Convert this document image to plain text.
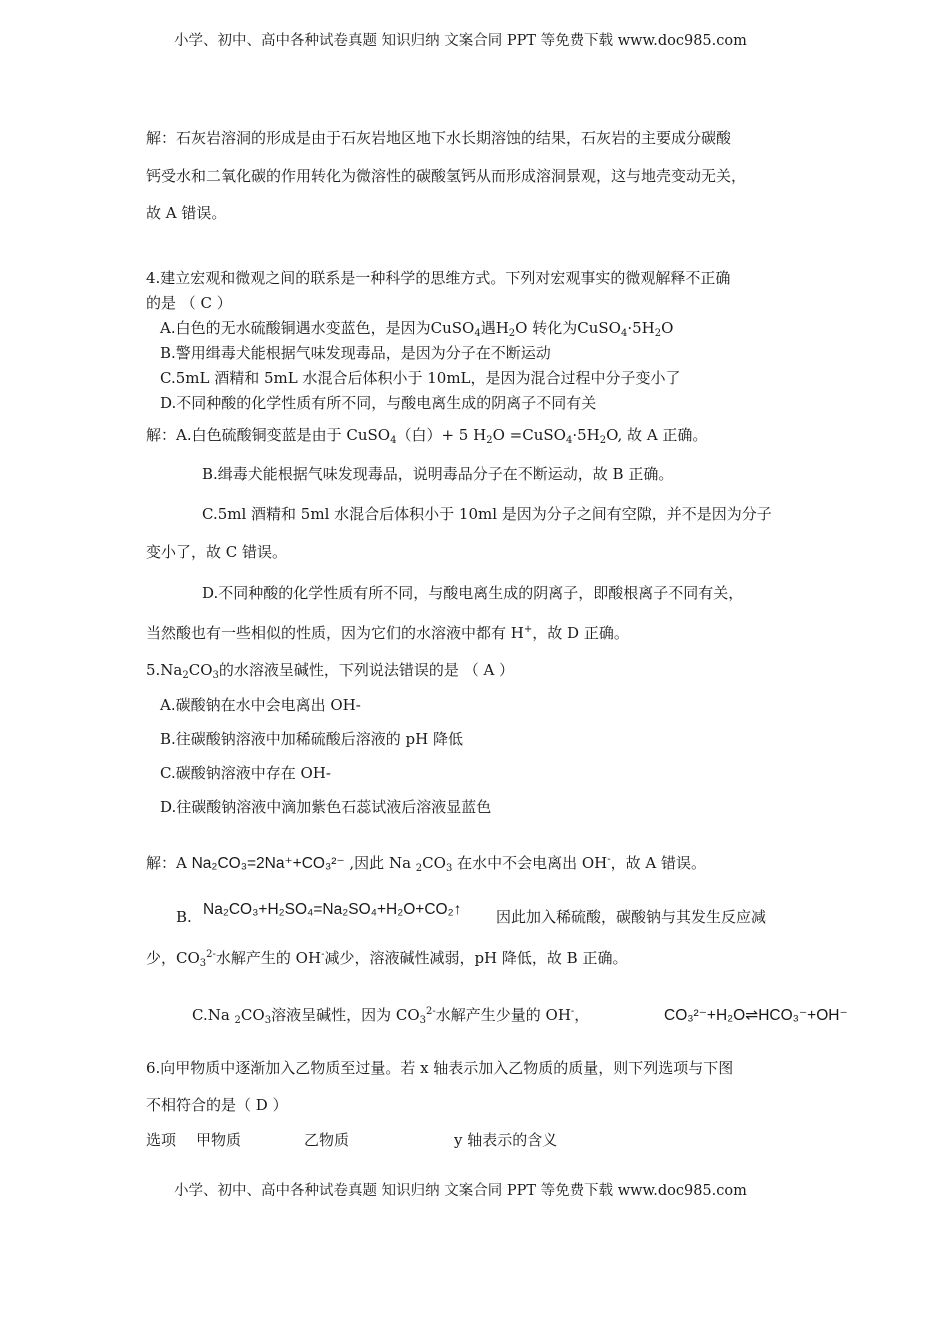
小学、初中、高中各种试卷真题 知识归纳 文案合同 PPT 等免费下载 www.doc985.com
解：石灰岩溶洞的形成是由于石灰岩地区地下水长期溶蚀的结果，石灰岩的主要成分碳酸
钙受水和二氧化碳的作用转化为微溶性的碳酸氢钙从而形成溶洞景观，这与地壳变动无关，
故 A 错误。
4.建立宏观和微观之间的联系是一种科学的思维方式。下列对宏观事实的微观解释不正确
的是 （ C ）
A.白色的无水硫酸铜遇水变蓝色，是因为CuSO$_4$遇$H_2O$ 转化为$CuSO_4\cdot 5H_2O$
B.警用缉毒犬能根据气味发现毒品，是因为分子在不断运动
C.5mL 酒精和 5mL 水混合后体积小于 10mL，是因为混合过程中分子变小了
D.不同种酸的化学性质有所不同，与酸电离生成的阴离子不同有关
解：A.白色硫酸铜变蓝是由于 CuSO$_4$（白）+ 5 $H_2O$ $=CuSO_4\cdot 5H_2O$, 故 A 正确。
B.缉毒犬能根据气味发现毒品，说明毒品分子在不断运动，故 B 正确。
C.5ml 酒精和 5ml 水混合后体积小于 10ml 是因为分子之间有空隙，并不是因为分子
变小了，故 C 错误。
D.不同种酸的化学性质有所不同，与酸电离生成的阴离子，即酸根离子不同有关，
当然酸也有一些相似的性质，因为它们的水溶液中都有 H+，故 D 正确。
$5.Na_2CO_3$的水溶液呈碱性，下列说法错误的是 （ A ）
A.碳酸钠在水中会电离出 OH-
B.往碳酸钠溶液中加稀硫酸后溶液的 pH 降低
C.碳酸钠溶液中存在 OH-
D.往碳酸钠溶液中滴加紫色石蕊试液后溶液显蓝色
解：A Na₂CO₃=2Na⁺+CO₃²⁻ ,因此 Na $_2CO_3$ 在水中不会电离出 OH-，故 A 错误。
B. Na₂CO₃+H₂SO₄=Na₂SO₄+H₂O+CO₂↑ 因此加入稀硫酸，碳酸钠与其发生反应减
少，$CO_3^{2-}$水解产生的 OH-减少，溶液碱性减弱，pH 降低，故 B 正确。
C.Na $_2CO_3$溶液呈碱性，因为 $CO_3^{2-}$水解产生少量的 OH-，	CO₃²⁻+H₂O⇌HCO₃⁻+OH⁻
6.向甲物质中逐渐加入乙物质至过量。若 x 轴表示加入乙物质的质量，则下列选项与下图
不相符合的是（ D ）
选项 甲物质	乙物质	y 轴表示的含义
小学、初中、高中各种试卷真题 知识归纳 文案合同 PPT 等免费下载 www.doc985.com
